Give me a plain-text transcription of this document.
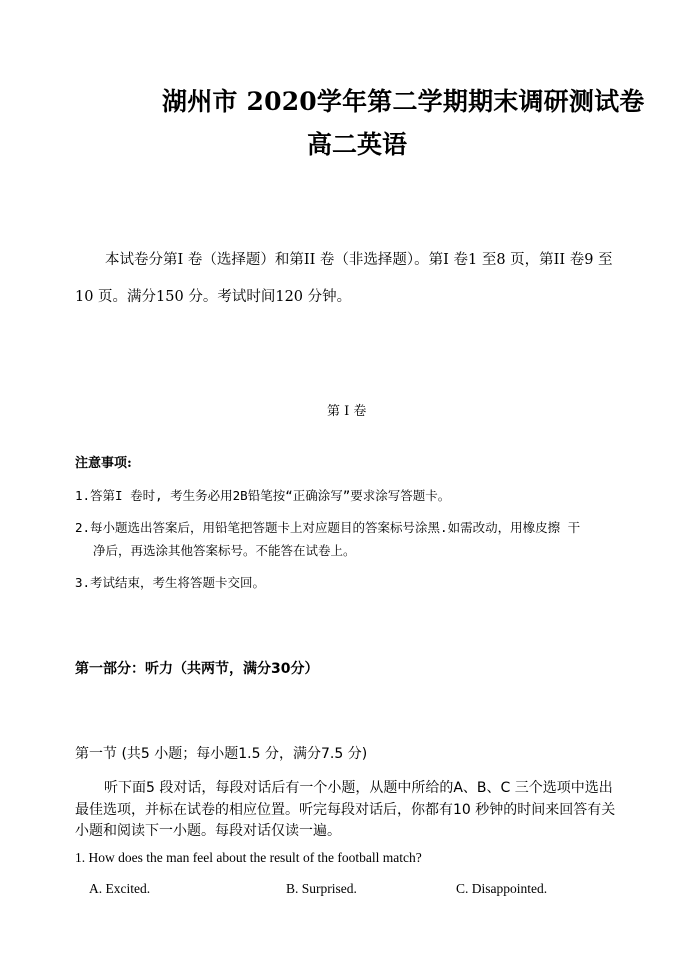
湖州市 2020学年第二学期期末调研测试卷
高二英语
本试卷分第I 卷（选择题）和第II 卷（非选择题）。第I 卷1 至8 页，第II 卷9 至
10 页。满分150 分。考试时间120 分钟。
第 I 卷
注意事项:
1.答第I 卷时, 考生务必用2B铅笔按“正确涂写”要求涂写答题卡。
2.每小题选出答案后，用铅笔把答题卡上对应题目的答案标号涂黑.如需改动，用橡皮擦 干
净后，再选涂其他答案标号。不能答在试卷上。
3.考试结束，考生将答题卡交回。
第一部分：听力（共两节，满分30分）
第一节 (共5 小题；每小题1.5 分，满分7.5 分)
听下面5 段对话，每段对话后有一个小题，从题中所给的A、B、C 三个选项中选出
最佳选项，并标在试卷的相应位置。听完每段对话后，你都有10 秒钟的时间来回答有关
小题和阅读下一小题。每段对话仅读一遍。
1. How does the man feel about the result of the football match?
A. Excited.	B. Surprised.	C. Disappointed.
